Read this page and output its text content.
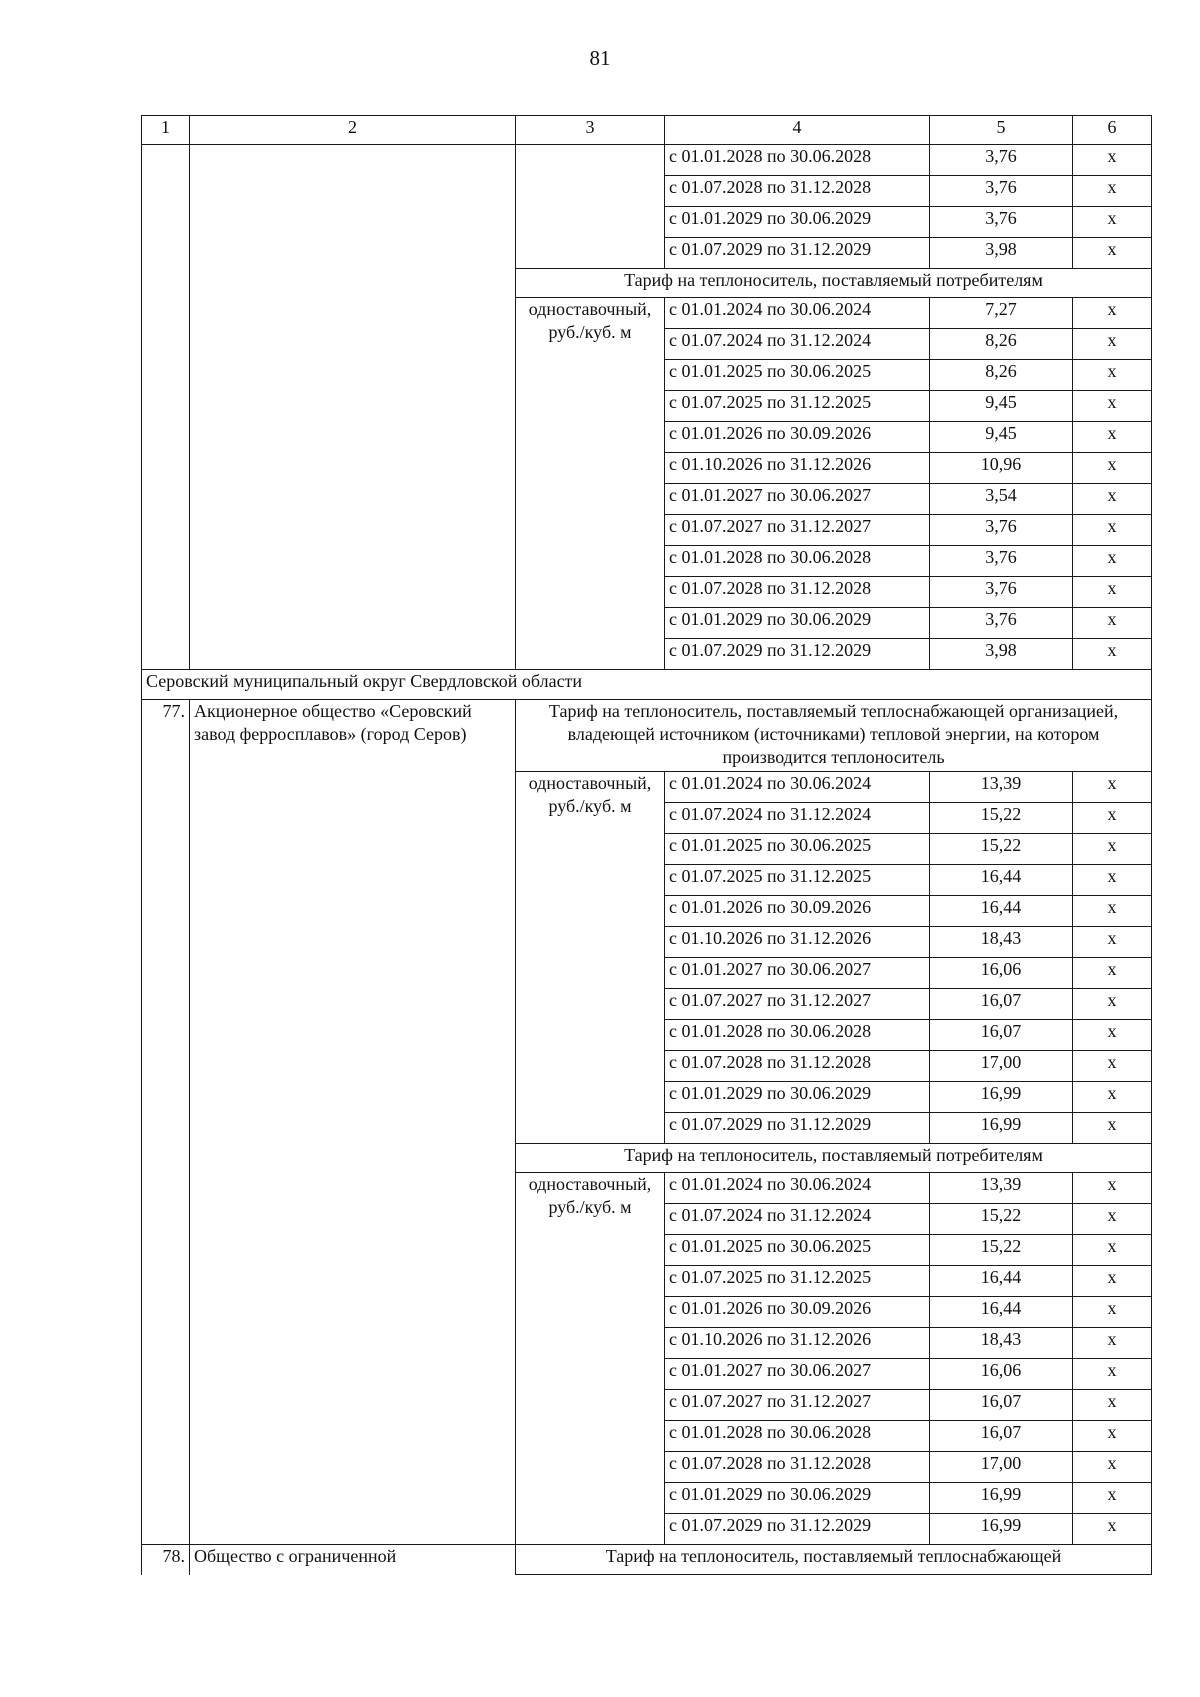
81
1	2	3	4	5	6
			с 01.01.2028 по 30.06.2028	3,76	х
			с 01.07.2028 по 31.12.2028	3,76	х
			с 01.01.2029 по 30.06.2029	3,76	х
			с 01.07.2029 по 31.12.2029	3,98	х
		Тариф на теплоноситель, поставляемый потребителям			
		одноставочный, руб./куб. м	с 01.01.2024 по 30.06.2024	7,27	х
			с 01.07.2024 по 31.12.2024	8,26	х
			с 01.01.2025 по 30.06.2025	8,26	х
			с 01.07.2025 по 31.12.2025	9,45	х
			с 01.01.2026 по 30.09.2026	9,45	х
			с 01.10.2026 по 31.12.2026	10,96	х
			с 01.01.2027 по 30.06.2027	3,54	х
			с 01.07.2027 по 31.12.2027	3,76	х
			с 01.01.2028 по 30.06.2028	3,76	х
			с 01.07.2028 по 31.12.2028	3,76	х
			с 01.01.2029 по 30.06.2029	3,76	х
			с 01.07.2029 по 31.12.2029	3,98	х
Серовский муниципальный округ Свердловской области					
77.	Акционерное общество «Серовский завод ферросплавов» (город Серов)	Тариф на теплоноситель, поставляемый теплоснабжающей организацией, владеющей источником (источниками) тепловой энергии, на котором производится теплоноситель			
		одноставочный, руб./куб. м	с 01.01.2024 по 30.06.2024	13,39	х
			с 01.07.2024 по 31.12.2024	15,22	х
			с 01.01.2025 по 30.06.2025	15,22	х
			с 01.07.2025 по 31.12.2025	16,44	х
			с 01.01.2026 по 30.09.2026	16,44	х
			с 01.10.2026 по 31.12.2026	18,43	х
			с 01.01.2027 по 30.06.2027	16,06	х
			с 01.07.2027 по 31.12.2027	16,07	х
			с 01.01.2028 по 30.06.2028	16,07	х
			с 01.07.2028 по 31.12.2028	17,00	х
			с 01.01.2029 по 30.06.2029	16,99	х
			с 01.07.2029 по 31.12.2029	16,99	х
		Тариф на теплоноситель, поставляемый потребителям			
		одноставочный, руб./куб. м	с 01.01.2024 по 30.06.2024	13,39	х
			с 01.07.2024 по 31.12.2024	15,22	х
			с 01.01.2025 по 30.06.2025	15,22	х
			с 01.07.2025 по 31.12.2025	16,44	х
			с 01.01.2026 по 30.09.2026	16,44	х
			с 01.10.2026 по 31.12.2026	18,43	х
			с 01.01.2027 по 30.06.2027	16,06	х
			с 01.07.2027 по 31.12.2027	16,07	х
			с 01.01.2028 по 30.06.2028	16,07	х
			с 01.07.2028 по 31.12.2028	17,00	х
			с 01.01.2029 по 30.06.2029	16,99	х
			с 01.07.2029 по 31.12.2029	16,99	х
78.	Общество с ограниченной	Тариф на теплоноситель, поставляемый теплоснабжающей			
